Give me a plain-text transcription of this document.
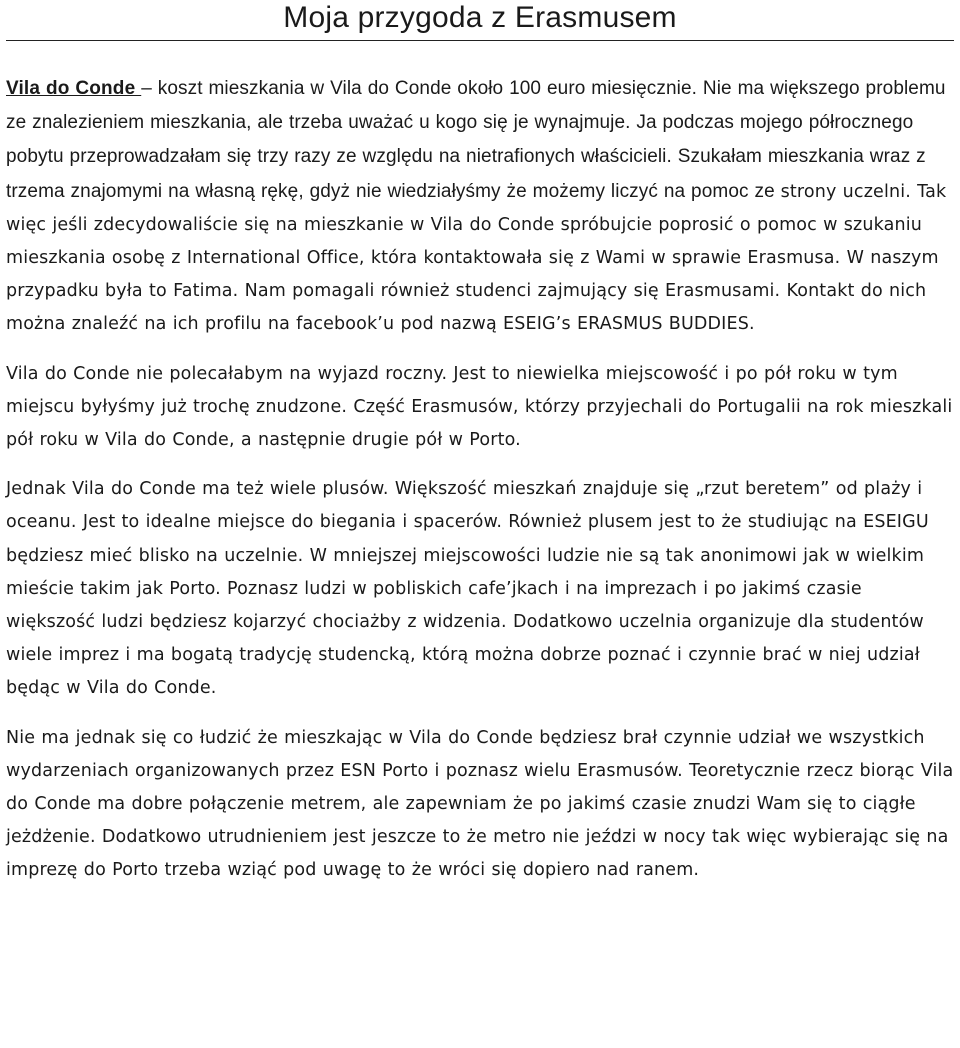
Moja przygoda z Erasmusem

Vila do Conde – koszt mieszkania w Vila do Conde około 100 euro miesięcznie. Nie ma większego problemu ze znalezieniem mieszkania, ale trzeba uważać u kogo się je wynajmuje. Ja podczas mojego półrocznego pobytu przeprowadzałam się trzy razy ze względu na nietrafionych właścicieli. Szukałam mieszkania wraz z trzema znajomymi na własną rękę, gdyż nie wiedziałyśmy że możemy liczyć na pomoc ze strony uczelni. Tak więc jeśli zdecydowaliście się na mieszkanie w Vila do Conde spróbujcie poprosić o pomoc w szukaniu mieszkania osobę z International Office, która kontaktowała się z Wami w sprawie Erasmusa. W naszym przypadku była to Fatima. Nam pomagali również studenci zajmujący się Erasmusami. Kontakt do nich można znaleźć na ich profilu na facebook’u pod nazwą ESEIG’s ERASMUS BUDDIES.

Vila do Conde nie polecałabym na wyjazd roczny. Jest to niewielka miejscowość i po pół roku w tym miejscu byłyśmy już trochę znudzone. Część Erasmusów, którzy przyjechali do Portugalii na rok mieszkali pół roku w Vila do Conde, a następnie drugie pół w Porto.

Jednak Vila do Conde ma też wiele plusów. Większość mieszkań znajduje się „rzut beretem” od plaży i oceanu. Jest to idealne miejsce do biegania i spacerów. Również plusem jest to że studiując na ESEIGU będziesz mieć blisko na uczelnie. W mniejszej miejscowości ludzie nie są tak anonimowi jak w wielkim mieście takim jak Porto. Poznasz ludzi w pobliskich cafe’jkach i na imprezach i po jakimś czasie większość ludzi będziesz kojarzyć chociażby z widzenia. Dodatkowo uczelnia organizuje dla studentów wiele imprez i ma bogatą tradycję studencką, którą można dobrze poznać i czynnie brać w niej udział będąc w Vila do Conde.

Nie ma jednak się co łudzić że mieszkając w Vila do Conde będziesz brał czynnie udział we wszystkich wydarzeniach organizowanych przez ESN Porto i poznasz wielu Erasmusów. Teoretycznie rzecz biorąc Vila do Conde ma dobre połączenie metrem, ale zapewniam że po jakimś czasie znudzi Wam się to ciągłe jeżdżenie. Dodatkowo utrudnieniem jest jeszcze to że metro nie jeździ w nocy tak więc wybierając się na imprezę do Porto trzeba wziąć pod uwagę to że wróci się dopiero nad ranem.
